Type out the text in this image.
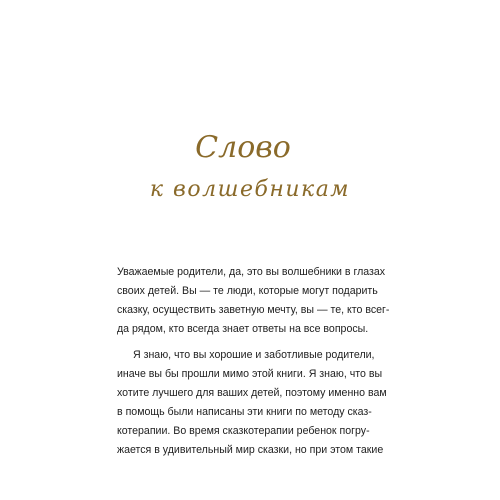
Слово
к волшебникам
Уважаемые родители, да, это вы волшебники в глазах
своих детей. Вы — те люди, которые могут подарить
сказку, осуществить заветную мечту, вы — те, кто всег-
да рядом, кто всегда знает ответы на все вопросы.
Я знаю, что вы хорошие и заботливые родители,
иначе вы бы прошли мимо этой книги. Я знаю, что вы
хотите лучшего для ваших детей, поэтому именно вам
в помощь были написаны эти книги по методу сказ-
котерапии. Во время сказкотерапии ребенок погру-
жается в удивительный мир сказки, но при этом такие
